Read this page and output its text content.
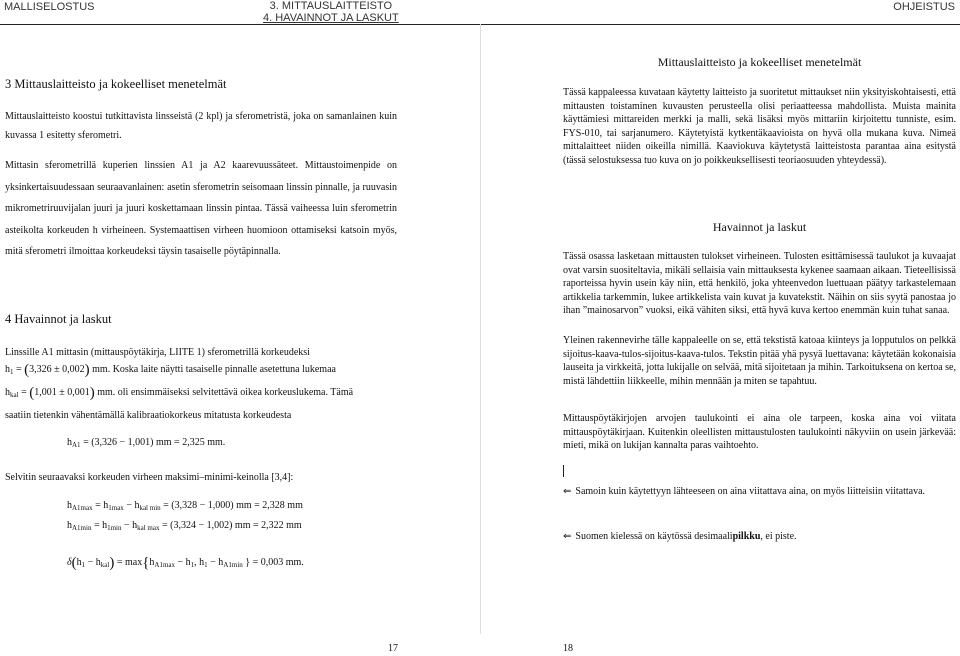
MALLISELOSTUS	3. MITTAUSLAITTEISTO
4. HAVAINNOT JA LASKUT
OHJEISTUS
3 Mittauslaitteisto ja kokeelliset menetelmät
Mittauslaitteisto koostui tutkittavista linsseistä (2 kpl) ja sferometristä, joka on samanlainen kuin kuvassa 1 esitetty sferometri.
Mittasin sferometrillä kuperien linssien A1 ja A2 kaarevuussäteet. Mittaustoimenpide on yksinkertaisuudessaan seuraavanlainen: asetin sferometrin seisomaan linssin pinnalle, ja ruuvasin mikrometriruuvijalan juuri ja juuri koskettamaan linssin pintaa. Tässä vaiheessa luin sferometrin asteikolta korkeuden h virheineen. Systemaattisen virheen huomioon ottamiseksi katsoin myös, mitä sferometri ilmoittaa korkeudeksi täysin tasaiselle pöytäpinnalla.
4 Havainnot ja laskut
Linssille A1 mittasin (mittauspöytäkirja, LIITE 1) sferometrillä korkeudeksi
$h_1 = (3,326 \pm 0,002)$ mm. Koska laite näytti tasaiselle pinnalle asetettuna lukemaa
$h_{kal} = (1,001 \pm 0,001)$ mm. oli ensimmäiseksi selvitettävä oikea korkeuslukema. Tämä
saatiin tietenkin vähentämällä kalibraatiokorkeus mitatusta korkeudesta
$h_{A1} = (3,326 - 1,001)$ mm = 2,325 mm.
Selvitin seuraavaksi korkeuden virheen maksimi–minimi-keinolla [3,4]:
$h_{A1max} = h_{1max} - h_{kal min} = (3,328 - 1,000)$ mm = 2,328 mm
$h_{A1min} = h_{1min} - h_{kal max} = (3,324 - 1,002)$ mm = 2,322 mm
$\delta(h_1 - h_{kal}) = \max\{h_{A1max} - h_1$, $h_1 - h_{A1min}$ } = 0,003 mm.
Mittauslaitteisto ja kokeelliset menetelmät
Tässä kappaleessa kuvataan käytetty laitteisto ja suoritetut mittaukset niin yksityiskohtaisesti, että mittausten toistaminen kuvausten perusteella olisi periaatteessa mahdollista. Muista mainita käyttämiesi mittareiden merkki ja malli, sekä lisäksi myös mittariin kirjoitettu tunniste, esim. FYS-010, tai sarjanumero. Käytetyistä kytkentäkaavioista on hyvä olla mukana kuva. Nimeä mittalaitteet niiden oikeilla nimillä. Kaaviokuva käytetystä laitteistosta parantaa aina esitystä (tässä selostuksessa tuo kuva on jo poikkeuksellisesti teoriaosuuden yhteydessä).
Havainnot ja laskut
Tässä osassa lasketaan mittausten tulokset virheineen. Tulosten esittämisessä taulukot ja kuvaajat ovat varsin suositeltavia, mikäli sellaisia vain mittauksesta kykenee saamaan aikaan. Tieteellisissä raporteissa hyvin usein käy niin, että henkilö, joka yhteenvedon luettuaan päätyy tarkastelemaan artikkelia tarkemmin, lukee artikkelista vain kuvat ja kuvatekstit. Näihin on siis syytä panostaa jo ihan ”mainosarvon” vuoksi, eikä vähiten siksi, että hyvä kuva kertoo enemmän kuin tuhat sanaa.
Yleinen rakennevirhe tälle kappaleelle on se, että tekstistä katoaa kiinteys ja lopputulos on pelkkä sijoitus-kaava-tulos-sijoitus-kaava-tulos. Tekstin pitää yhä pysyä luettavana: käytetään kokonaisia lauseita ja virkkeitä, jotta lukijalle on selvää, mitä sijoitetaan ja mihin. Tarkoituksena on kertoa se, mistä lähdettiin liikkeelle, mihin mennään ja miten se tapahtuu.
Mittauspöytäkirjojen arvojen taulukointi ei aina ole tarpeen, koska aina voi viitata mittauspöytäkirjaan. Kuitenkin oleellisten mittaustulosten taulukointi näkyviin on usein järkevää: mieti, mikä on lukijan kannalta paras vaihtoehto.
⇐ Samoin kuin käytettyyn lähteeseen on aina viitattava aina, on myös liitteisiin viitattava.
⇐ Suomen kielessä on käytössä desimaalipilkku, ei piste.
17	18
